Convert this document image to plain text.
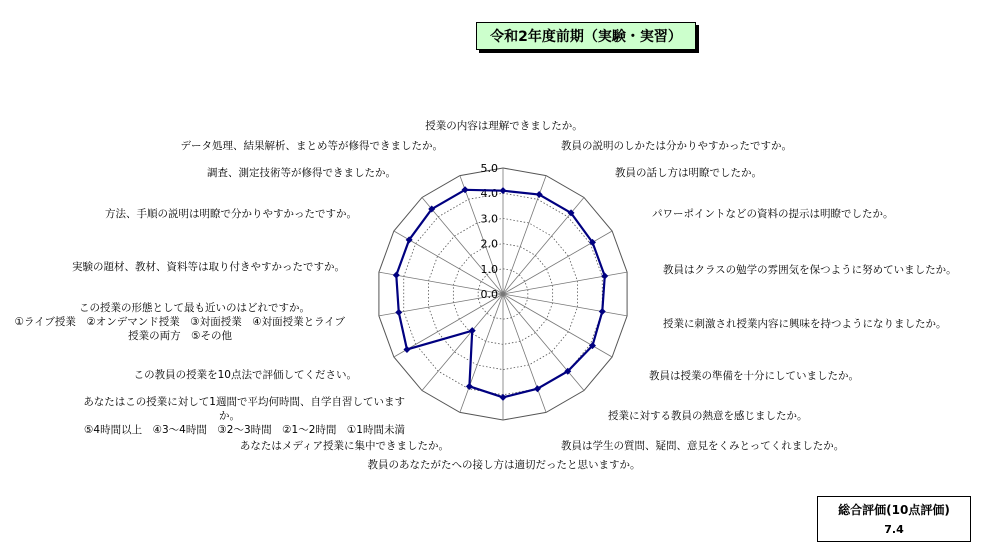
令和2年度前期（実験・実習）
0.0
1.0
2.0
3.0
4.0
5.0
授業の内容は理解できましたか。
教員の説明のしかたは分かりやすかったですか。
教員の話し方は明瞭でしたか。
パワーポイントなどの資料の提示は明瞭でしたか。
教員はクラスの勉学の雰囲気を保つように努めていましたか。
授業に刺激され授業内容に興味を持つようになりましたか。
教員は授業の準備を十分にしていましたか。
授業に対する教員の熱意を感じましたか。
教員は学生の質問、疑問、意見をくみとってくれましたか。
教員のあなたがたへの接し方は適切だったと思いますか。
あなたはメディア授業に集中できましたか。
あなたはこの授業に対して1週間で平均何時間、自学自習していますか。 ⑤4時間以上　④3～4時間　③2～3時間　②1～2時間　①1時間未満
この教員の授業を10点法で評価してください。
この授業の形態として最も近いのはどれですか。 ①ライブ授業　②オンデマンド授業　③対面授業　④対面授業とライブ授業の両方　⑤その他
実験の題材、教材、資料等は取り付きやすかったですか。
方法、手順の説明は明瞭で分かりやすかったですか。
調査、測定技術等が修得できましたか。
データ処理、結果解析、まとめ等が修得できましたか。
総合評価(10点評価)
7.4
